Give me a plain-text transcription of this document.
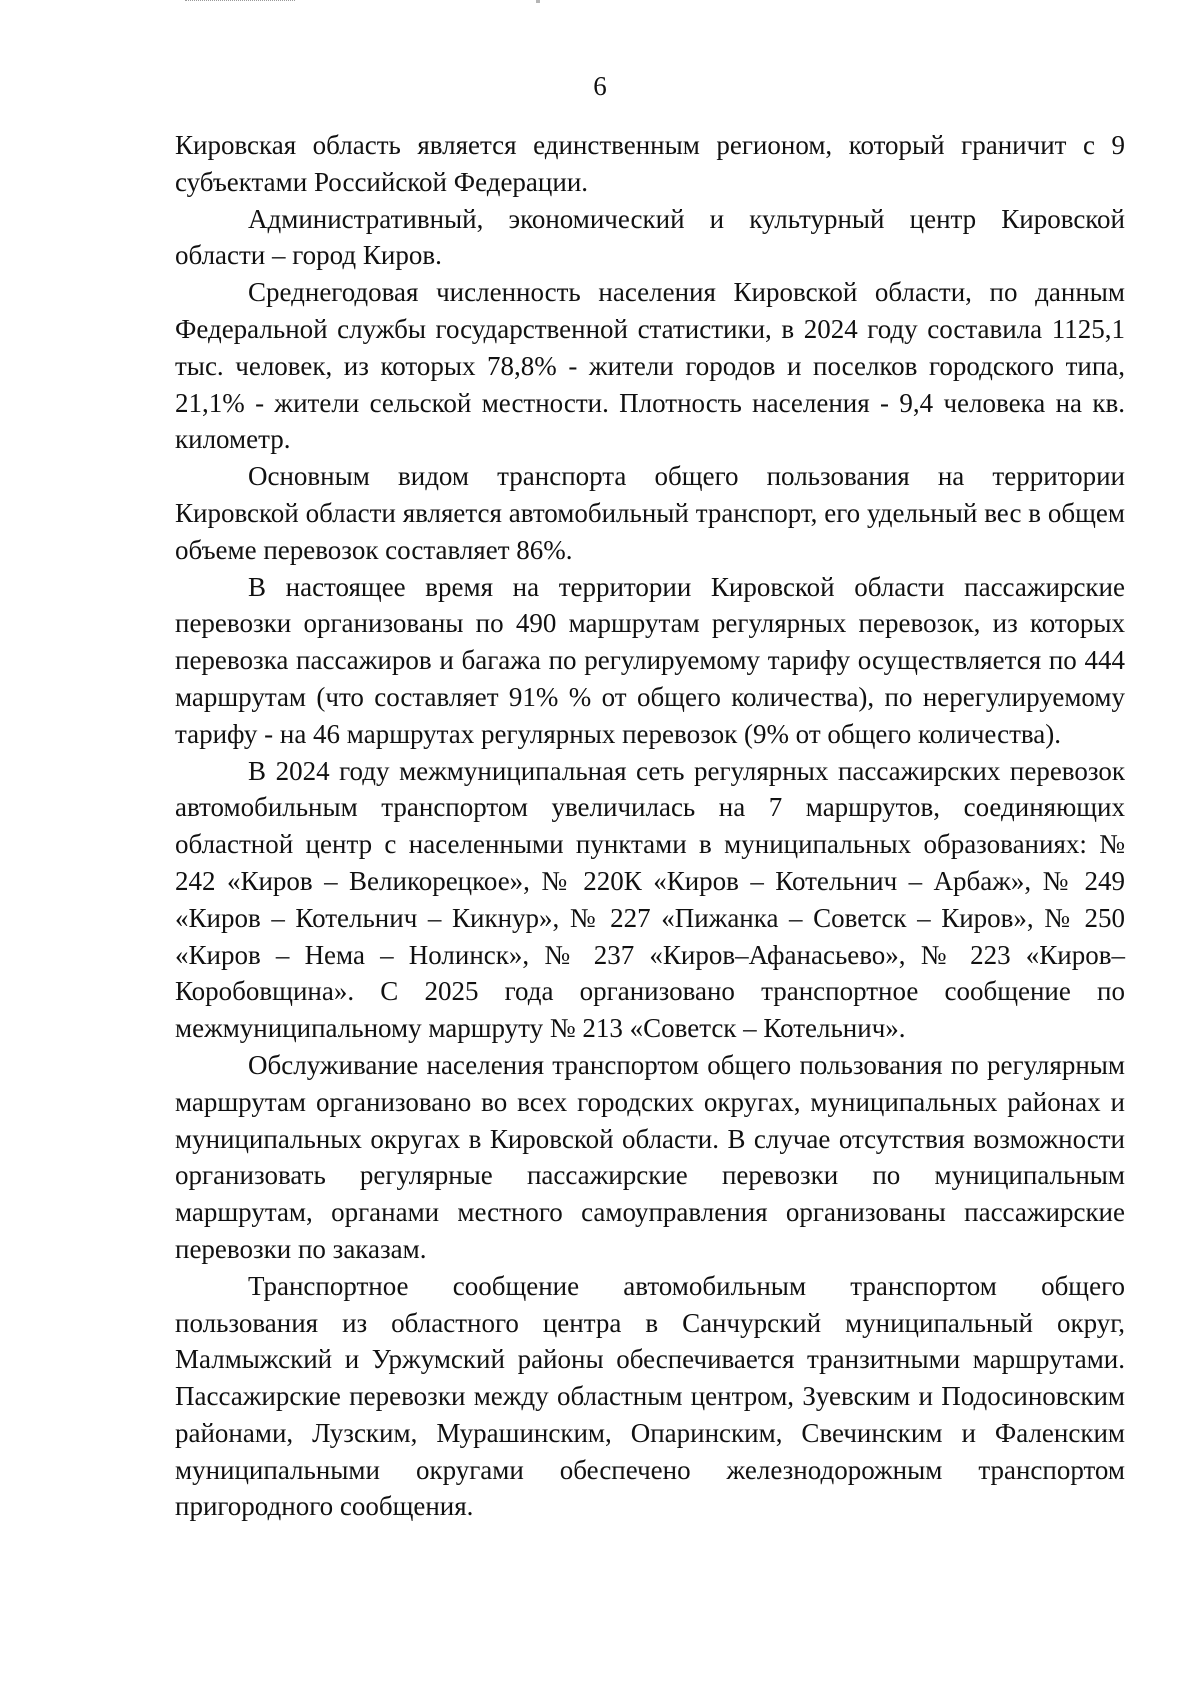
6

Кировская область является единственным регионом, который граничит с 9 субъектами Российской Федерации.

Административный, экономический и культурный центр Кировской области – город Киров.

Среднегодовая численность населения Кировской области, по данным Федеральной службы государственной статистики, в 2024 году составила 1125,1 тыс. человек, из которых 78,8% - жители городов и поселков городского типа, 21,1% - жители сельской местности. Плотность населения - 9,4 человека на кв. километр.

Основным видом транспорта общего пользования на территории Кировской области является автомобильный транспорт, его удельный вес в общем объеме перевозок составляет 86%.

В настоящее время на территории Кировской области пассажирские перевозки организованы по 490 маршрутам регулярных перевозок, из которых перевозка пассажиров и багажа по регулируемому тарифу осуществляется по 444 маршрутам (что составляет 91% % от общего количества), по нерегулируемому тарифу - на 46 маршрутах регулярных перевозок (9% от общего количества).

В 2024 году межмуниципальная сеть регулярных пассажирских перевозок автомобильным транспортом увеличилась на 7 маршрутов, соединяющих областной центр с населенными пунктами в муниципальных образованиях: № 242 «Киров – Великорецкое», № 220К «Киров – Котельнич – Арбаж», № 249 «Киров – Котельнич – Кикнур», № 227 «Пижанка – Советск – Киров», № 250 «Киров – Нема – Нолинск», № 237 «Киров–Афанасьево», № 223 «Киров–Коробовщина». С 2025 года организовано транспортное сообщение по межмуниципальному маршруту № 213 «Советск – Котельнич».

Обслуживание населения транспортом общего пользования по регулярным маршрутам организовано во всех городских округах, муниципальных районах и муниципальных округах в Кировской области. В случае отсутствия возможности организовать регулярные пассажирские перевозки по муниципальным маршрутам, органами местного самоуправления организованы пассажирские перевозки по заказам.

Транспортное сообщение автомобильным транспортом общего пользования из областного центра в Санчурский муниципальный округ, Малмыжский и Уржумский районы обеспечивается транзитными маршрутами. Пассажирские перевозки между областным центром, Зуевским и Подосиновским районами, Лузским, Мурашинским, Опаринским, Свечинским и Фаленским муниципальными округами обеспечено железнодорожным транспортом пригородного сообщения.
